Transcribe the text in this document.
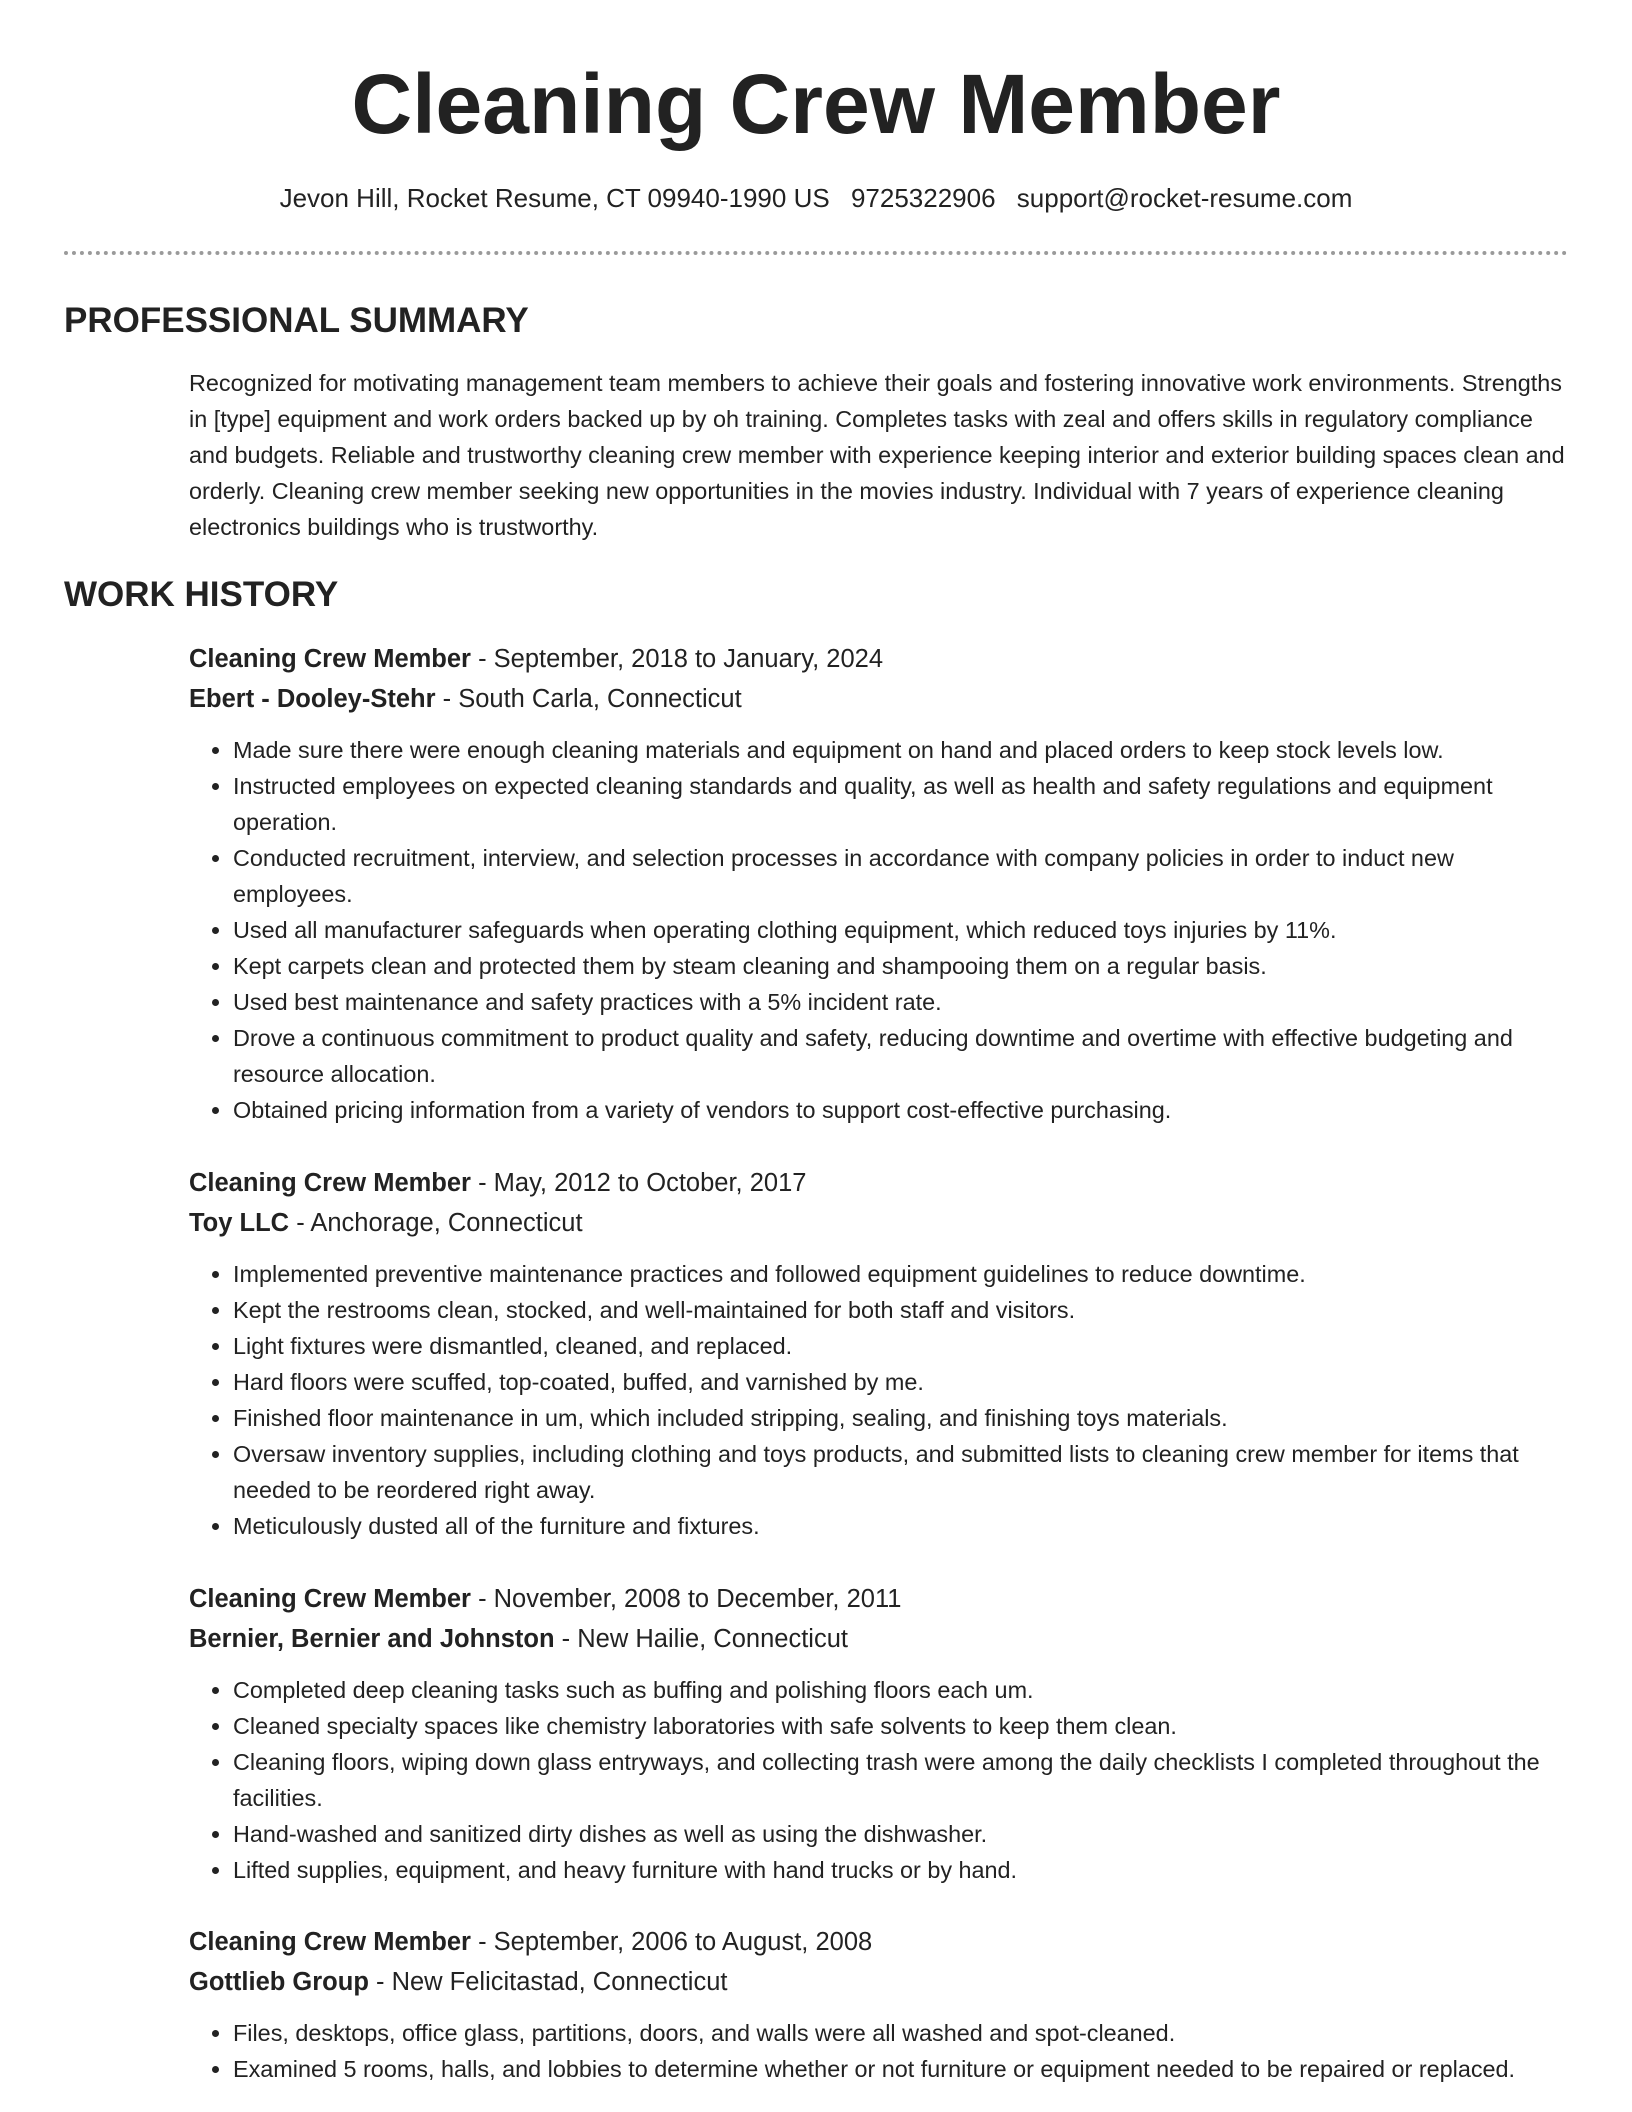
Cleaning Crew Member
Jevon Hill, Rocket Resume, CT 09940-1990 US 9725322906 support@rocket-resume.com
PROFESSIONAL SUMMARY

Recognized for motivating management team members to achieve their goals and fostering innovative work environments. Strengths in [type] equipment and work orders backed up by oh training. Completes tasks with zeal and offers skills in regulatory compliance and budgets. Reliable and trustworthy cleaning crew member with experience keeping interior and exterior building spaces clean and orderly. Cleaning crew member seeking new opportunities in the movies industry. Individual with 7 years of experience cleaning electronics buildings who is trustworthy.

WORK HISTORY
Cleaning Crew Member - September, 2018 to January, 2024
Ebert - Dooley-Stehr - South Carla, Connecticut
• Made sure there were enough cleaning materials and equipment on hand and placed orders to keep stock levels low.
• Instructed employees on expected cleaning standards and quality, as well as health and safety regulations and equipment operation.
• Conducted recruitment, interview, and selection processes in accordance with company policies in order to induct new employees.
• Used all manufacturer safeguards when operating clothing equipment, which reduced toys injuries by 11%.
• Kept carpets clean and protected them by steam cleaning and shampooing them on a regular basis.
• Used best maintenance and safety practices with a 5% incident rate.
• Drove a continuous commitment to product quality and safety, reducing downtime and overtime with effective budgeting and resource allocation.
• Obtained pricing information from a variety of vendors to support cost-effective purchasing.
Cleaning Crew Member - May, 2012 to October, 2017
Toy LLC - Anchorage, Connecticut
• Implemented preventive maintenance practices and followed equipment guidelines to reduce downtime.
• Kept the restrooms clean, stocked, and well-maintained for both staff and visitors.
• Light fixtures were dismantled, cleaned, and replaced.
• Hard floors were scuffed, top-coated, buffed, and varnished by me.
• Finished floor maintenance in um, which included stripping, sealing, and finishing toys materials.
• Oversaw inventory supplies, including clothing and toys products, and submitted lists to cleaning crew member for items that needed to be reordered right away.
• Meticulously dusted all of the furniture and fixtures.
Cleaning Crew Member - November, 2008 to December, 2011
Bernier, Bernier and Johnston - New Hailie, Connecticut
• Completed deep cleaning tasks such as buffing and polishing floors each um.
• Cleaned specialty spaces like chemistry laboratories with safe solvents to keep them clean.
• Cleaning floors, wiping down glass entryways, and collecting trash were among the daily checklists I completed throughout the facilities.
• Hand-washed and sanitized dirty dishes as well as using the dishwasher.
• Lifted supplies, equipment, and heavy furniture with hand trucks or by hand.
Cleaning Crew Member - September, 2006 to August, 2008
Gottlieb Group - New Felicitastad, Connecticut
• Files, desktops, office glass, partitions, doors, and walls were all washed and spot-cleaned.
• Examined 5 rooms, halls, and lobbies to determine whether or not furniture or equipment needed to be repaired or replaced.
